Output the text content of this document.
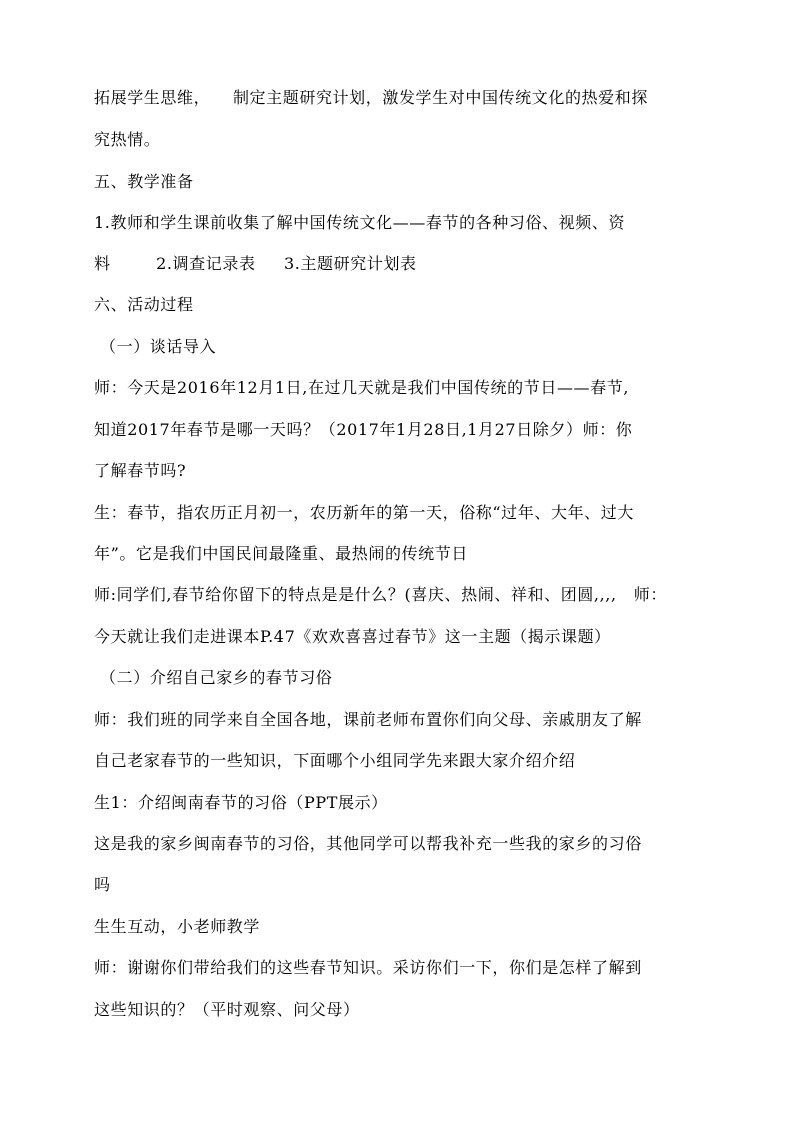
拓展学生思维，    制定主题研究计划，激发学生对中国传统文化的热爱和探
究热情。
五、教学准备
1.教师和学生课前收集了解中国传统文化——春节的各种习俗、视频、资
料        2.调查记录表     3.主题研究计划表
六、活动过程
（一）谈话导入
师：今天是2016年12月1日,在过几天就是我们中国传统的节日——春节,
知道2017年春节是哪一天吗？（2017年1月28日,1月27日除夕）师：你
了解春节吗?
生：春节，指农历正月初一，农历新年的第一天，俗称“过年、大年、过大
年”。它是我们中国民间最隆重、最热闹的传统节日
师:同学们,春节给你留下的特点是是什么？(喜庆、热闹、祥和、团圆,,,,   师：
今天就让我们走进课本P.47《欢欢喜喜过春节》这一主题（揭示课题）
（二）介绍自己家乡的春节习俗
师：我们班的同学来自全国各地，课前老师布置你们向父母、亲戚朋友了解
自己老家春节的一些知识，下面哪个小组同学先来跟大家介绍介绍
生1：介绍闽南春节的习俗（PPT展示）
这是我的家乡闽南春节的习俗，其他同学可以帮我补充一些我的家乡的习俗
吗
生生互动，小老师教学
师：谢谢你们带给我们的这些春节知识。采访你们一下，你们是怎样了解到
这些知识的？（平时观察、问父母）
